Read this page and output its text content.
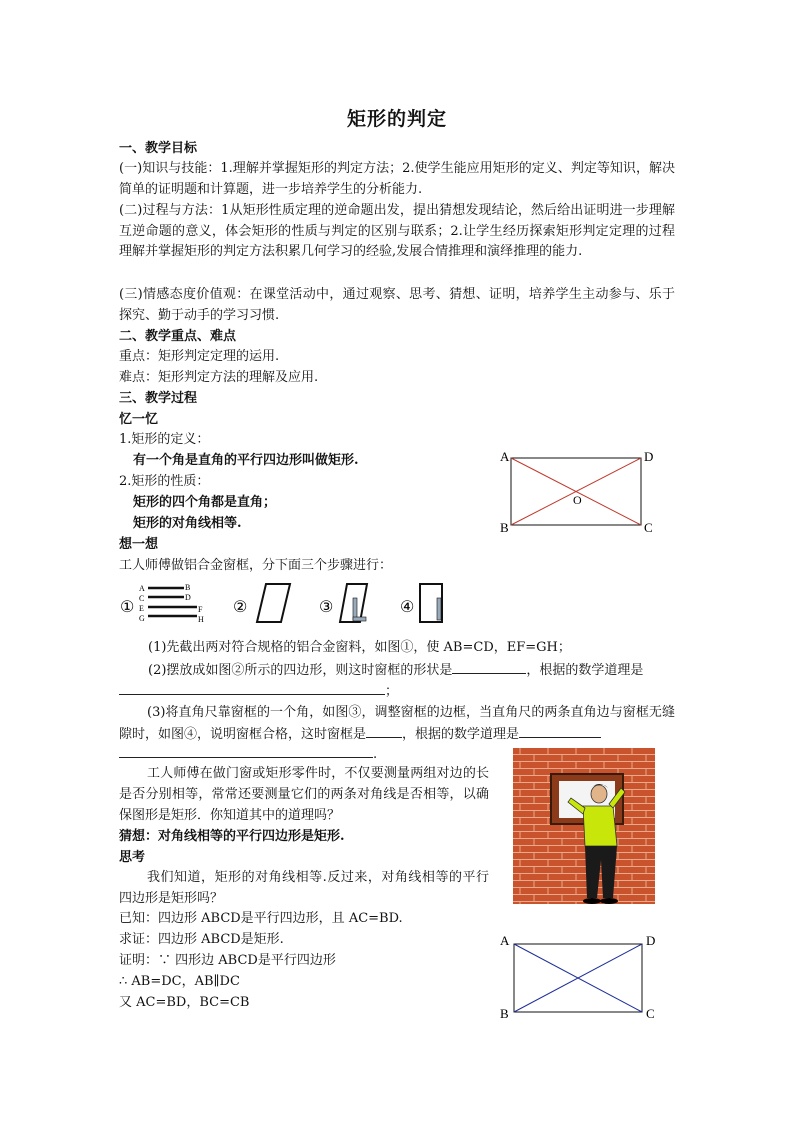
矩形的判定
一、教学目标
(一)知识与技能：1.理解并掌握矩形的判定方法；2.使学生能应用矩形的定义、判定等知识，解决简单的证明题和计算题，进一步培养学生的分析能力.
(二)过程与方法：1从矩形性质定理的逆命题出发，提出猜想发现结论，然后给出证明进一步理解互逆命题的意义，体会矩形的性质与判定的区别与联系；2.让学生经历探索矩形判定定理的过程理解并掌握矩形的判定方法积累几何学习的经验,发展合情推理和演绎推理的能力.
(三)情感态度价值观：在课堂活动中，通过观察、思考、猜想、证明，培养学生主动参与、乐于探究、勤于动手的学习习惯.
二、教学重点、难点
重点：矩形判定定理的运用.
难点：矩形判定方法的理解及应用.
三、教学过程
忆一忆
1.矩形的定义：
有一个角是直角的平行四边形叫做矩形.
2.矩形的性质：
矩形的四个角都是直角；
矩形的对角线相等.
A	D
B	C
O
想一想
工人师傅做铝合金窗框，分下面三个步骤进行：
①
A
C
E
G
B
D
F
H
②	③	④
(1)先截出两对符合规格的铝合金窗料，如图①，使 AB=CD，EF=GH；
(2)摆放成如图②所示的四边形，则这时窗框的形状是	，根据的数学道理是
；
(3)将直角尺靠窗框的一个角，如图③，调整窗框的边框，当直角尺的两条直角边与窗框无缝隙时，如图④，说明窗框合格，这时窗框是	，根据的数学道理是
.
工人师傅在做门窗或矩形零件时，不仅要测量两组对边的长是否分别相等，常常还要测量它们的两条对角线是否相等，以确保图形是矩形．你知道其中的道理吗？
猜想：对角线相等的平行四边形是矩形.
思考
我们知道，矩形的对角线相等.反过来，对角线相等的平行四边形是矩形吗？
已知：四边形 ABCD是平行四边形，且 AC=BD.
求证：四边形 ABCD是矩形.
证明：∵ 四形边 ABCD是平行四边形
∴ AB=DC，AB∥DC
又 AC=BD，BC=CB
A	D
B	C
